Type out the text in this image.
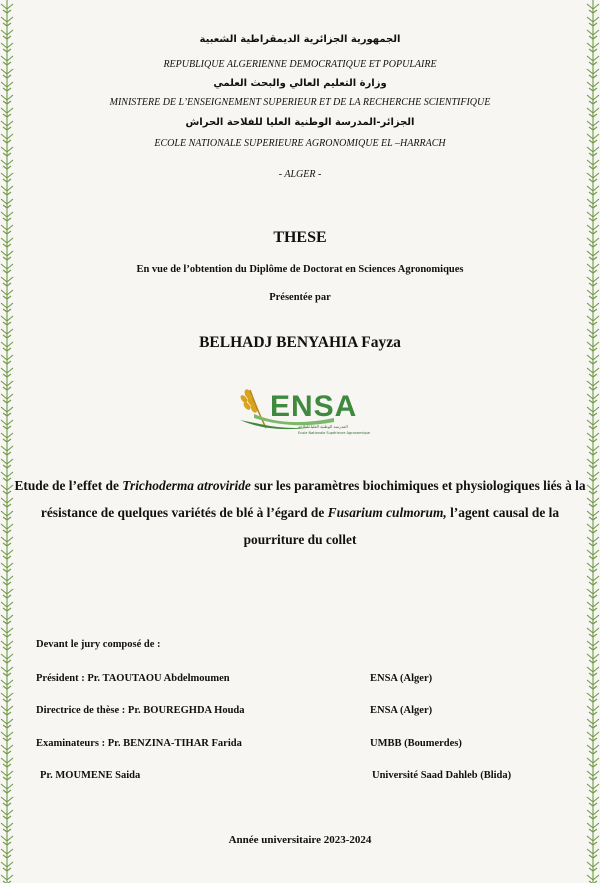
الجمهورية الجزائرية الديمقراطية الشعبية
REPUBLIQUE ALGERIENNE DEMOCRATIQUE ET POPULAIRE
وزارة التعليم العالي والبحث العلمي
MINISTERE DE L’ENSEIGNEMENT SUPERIEUR ET DE LA RECHERCHE SCIENTIFIQUE
الجزائر-المدرسة الوطنية العليا للفلاحة الحراش
ECOLE NATIONALE SUPERIEURE AGRONOMIQUE EL –HARRACH
- ALGER -
THESE
En vue de l’obtention du Diplôme de Doctorat en Sciences Agronomiques
Présentée par
BELHADJ BENYAHIA Fayza
ENSA
المدرسة الوطنية العليا للفلاحة
Ecole Nationale Supérieure Agronomique
Etude de l’effet de Trichoderma atroviride sur les paramètres biochimiques et physiologiques liés à la résistance de quelques variétés de blé à l’égard de Fusarium culmorum, l’agent causal de la pourriture du collet
Devant le jury composé de :
Président : Pr. TAOUTAOU Abdelmoumen	ENSA (Alger)
Directrice de thèse : Pr. BOUREGHDA Houda	ENSA (Alger)
Examinateurs : Pr. BENZINA-TIHAR Farida	UMBB (Boumerdes)
Pr. MOUMENE Saida	Université Saad Dahleb (Blida)
Année universitaire 2023-2024
